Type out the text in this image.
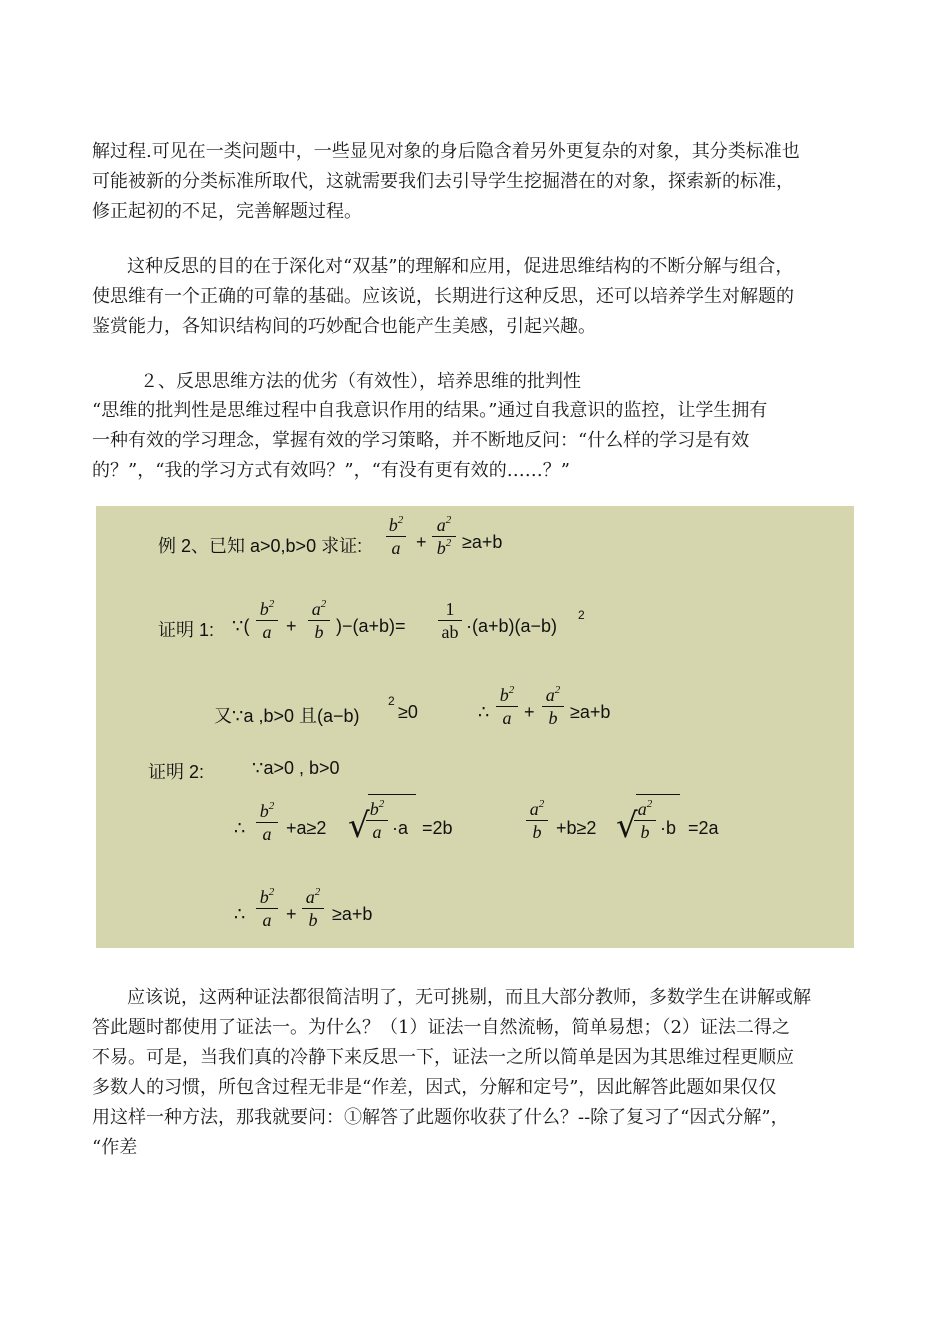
解过程.可见在一类问题中，一些显见对象的身后隐含着另外更复杂的对象，其分类标准也
可能被新的分类标准所取代，这就需要我们去引导学生挖掘潜在的对象，探索新的标准，
修正起初的不足，完善解题过程。
这种反思的目的在于深化对“双基”的理解和应用，促进思维结构的不断分解与组合，
使思维有一个正确的可靠的基础。应该说，长期进行这种反思，还可以培养学生对解题的
鉴赏能力，各知识结构间的巧妙配合也能产生美感，引起兴趣。
２、反思思维方法的优劣（有效性），培养思维的批判性
“思维的批判性是思维过程中自我意识作用的结果。”通过自我意识的监控，让学生拥有
一种有效的学习理念，掌握有效的学习策略，并不断地反问：“什么样的学习是有效
的？”，“我的学习方式有效吗？”，“有没有更有效的……？”
例 2、已知 a>0,b>0 求证:
$b^2$
a +
$a^2$
$b^2 \ge a+b$
证明 1: ∵(
$b^2$
a +
$a^2$
b )−(a+b)=
1
ab ·(a+b)(a−b)
2
又∵a ,b>0 且(a−b)
2
≥0	∴
$b^2$
a +
$a^2$
b ≥a+b
证明 2:	∵a>0 , b>0
∴
$b^2$
a +a≥2 √ $b^2$
a ·a =2b
$a^2$
b +b≥2 √ $a^2$
b ·b =2a
∴
$b^2$
a +
$a^2$
b ≥a+b
应该说，这两种证法都很简洁明了，无可挑剔，而且大部分教师，多数学生在讲解或解
答此题时都使用了证法一。为什么？（1）证法一自然流畅，简单易想；（2）证法二得之
不易。可是，当我们真的冷静下来反思一下，证法一之所以简单是因为其思维过程更顺应
多数人的习惯，所包含过程无非是“作差，因式，分解和定号”，因此解答此题如果仅仅
用这样一种方法，那我就要问：①解答了此题你收获了什么？--除了复习了“因式分解”，
“作差
